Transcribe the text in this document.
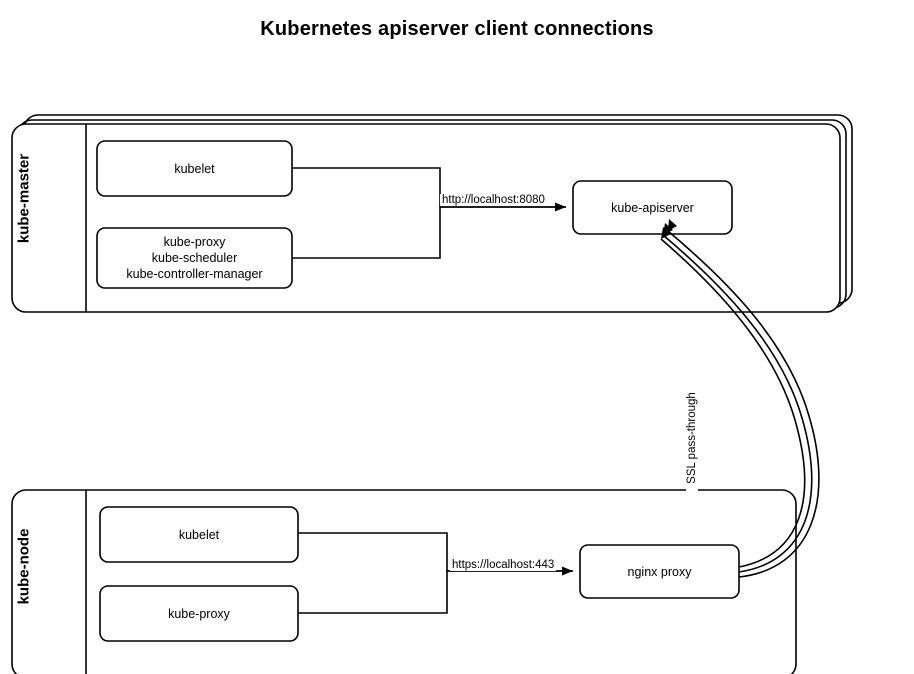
Kubernetes apiserver client connections
kube-master
kube-node
kubelet
kube-proxy
kube-scheduler
kube-controller-manager
kube-apiserver
kubelet
kube-proxy
nginx proxy
http://localhost:8080
https://localhost:443
SSL pass-through
